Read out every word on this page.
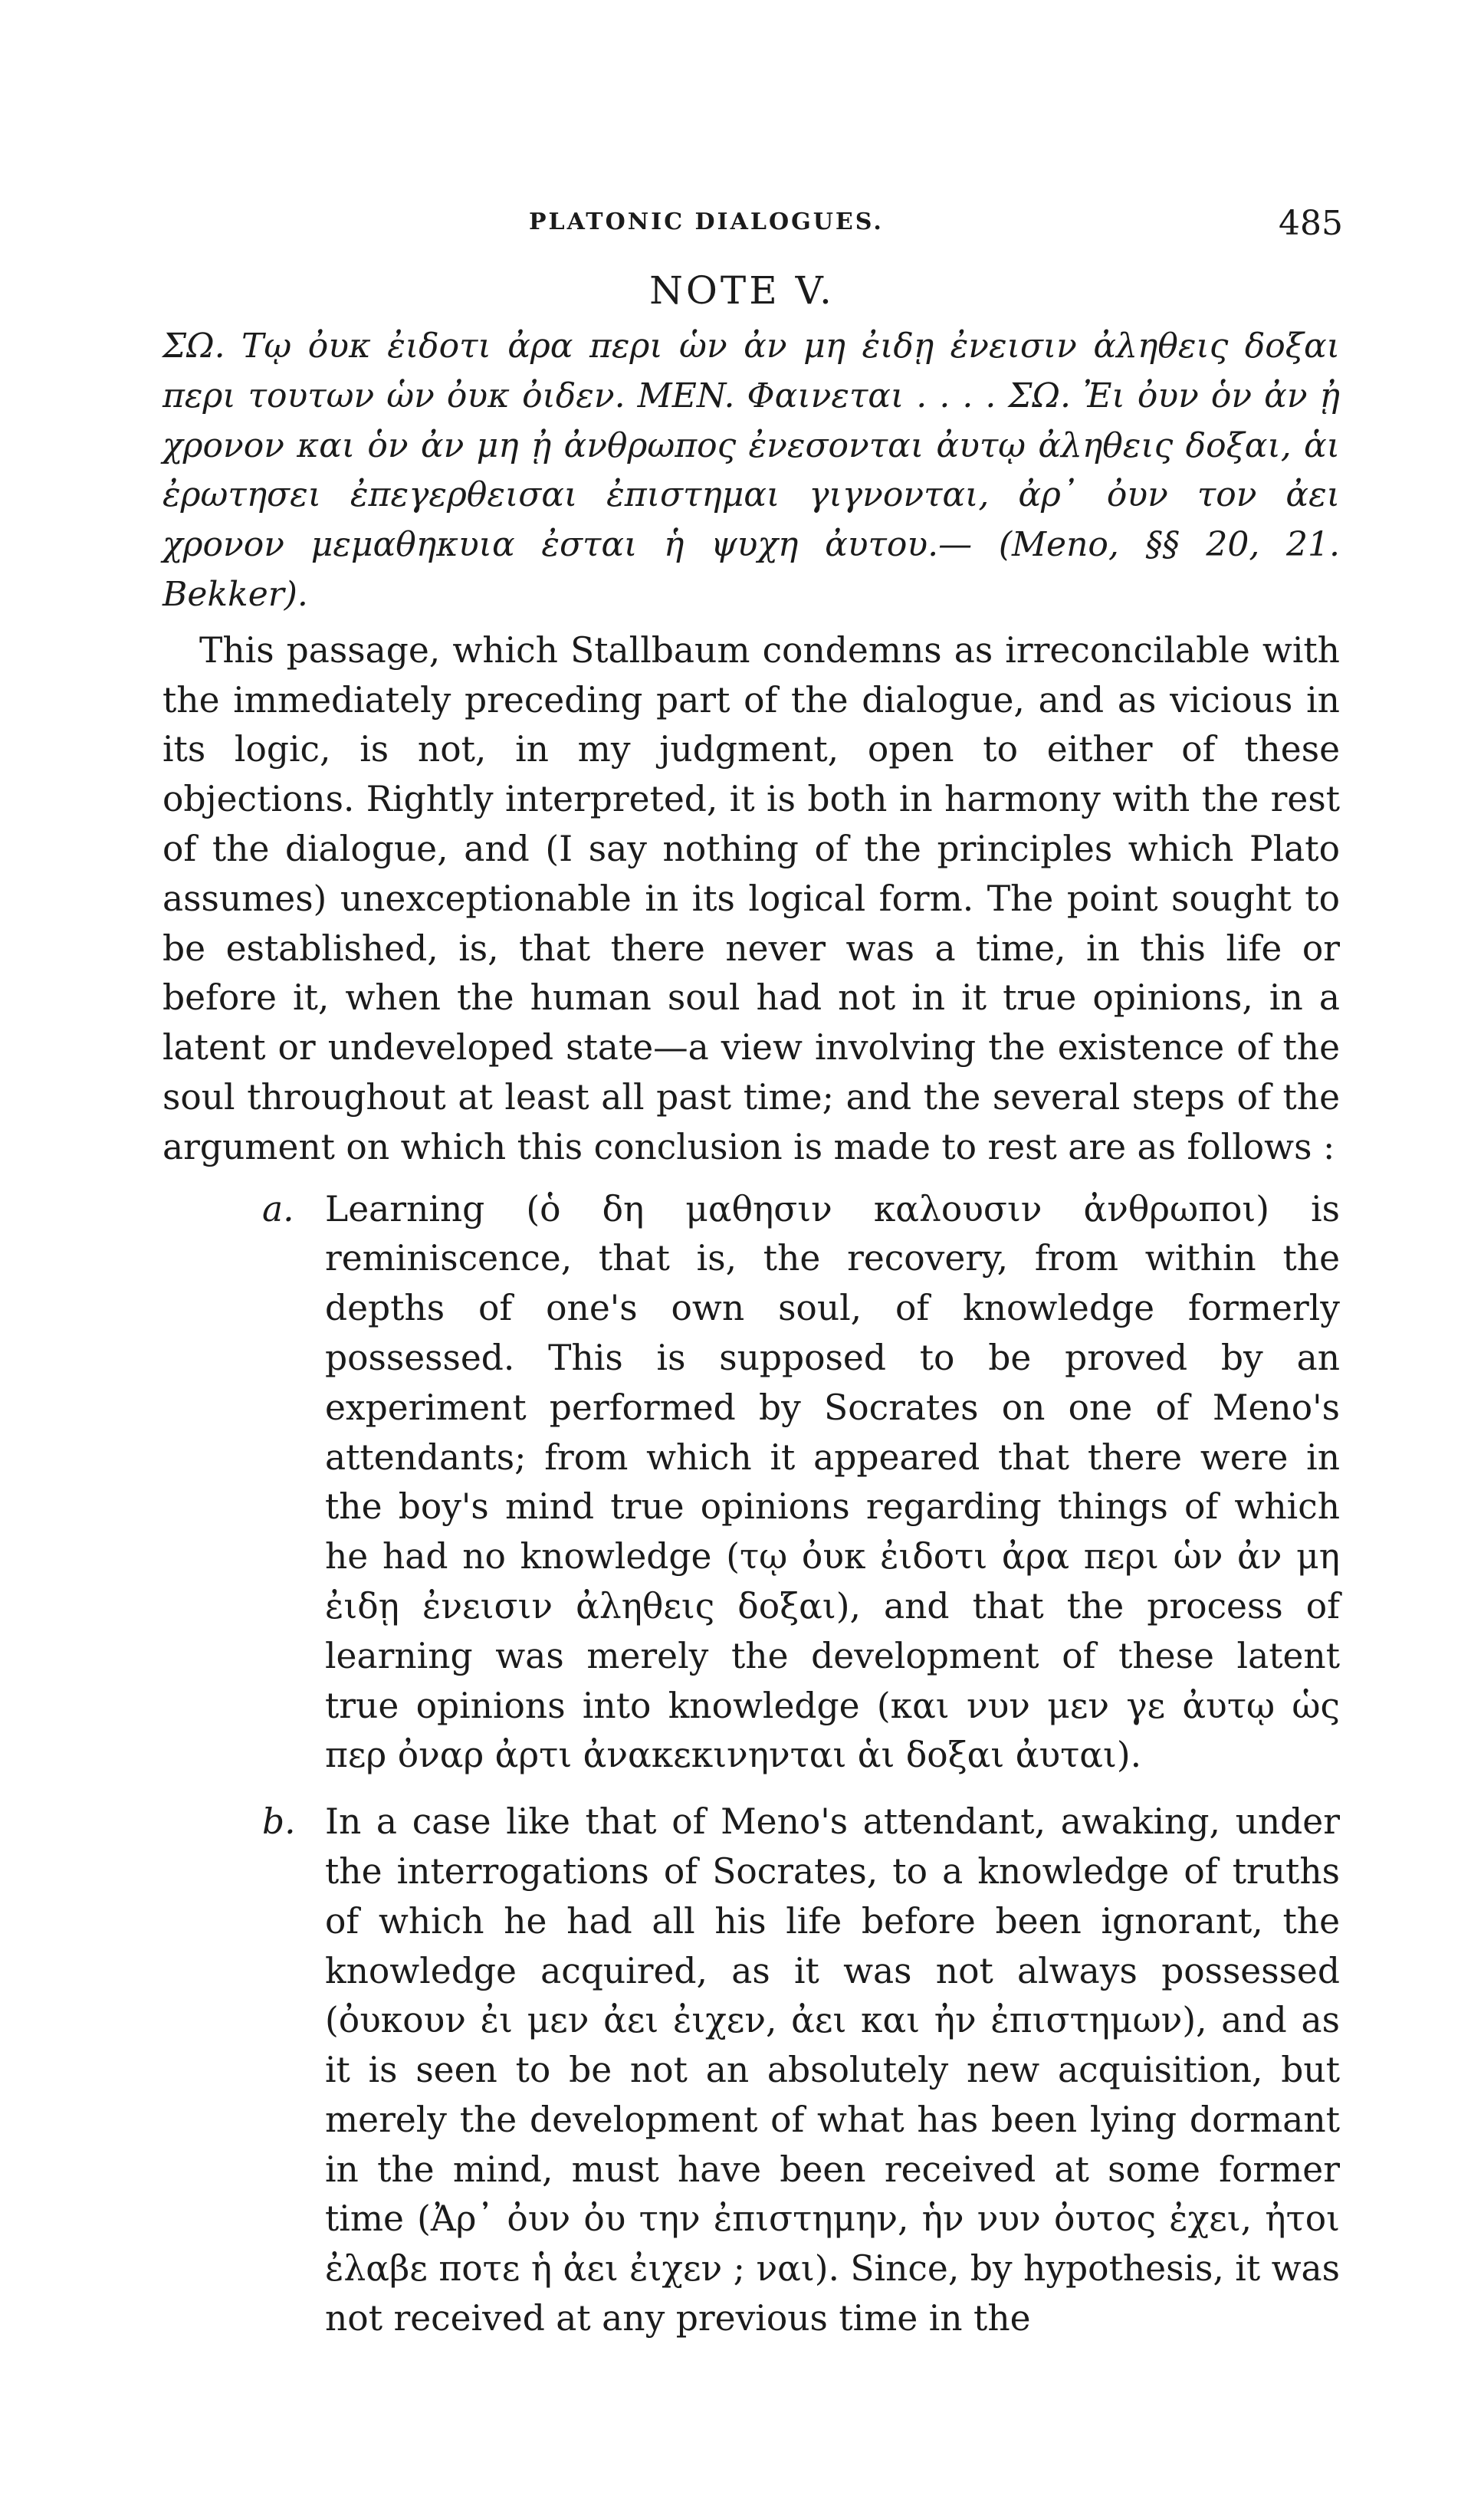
PLATONIC DIALOGUES.	485
NOTE V.

ΣΩ. Τῳ ὀυκ ἐιδοτι ἀρα περι ὡν ἀν μη ἐιδῃ ἐνεισιν ἀληθεις δοξαι περι τουτων ὡν ὀυκ ὀιδεν. MEN. Φαινεται . . . . ΣΩ. Ἐι ὀυν ὁν ἀν ᾐ χρονον και ὁν ἀν μη ᾐ ἀνθρωπος ἐνεσονται ἀυτῳ ἀληθεις δοξαι, ἁι ἐρωτησει ἐπεγερθεισαι ἐπιστημαι γιγνονται, ἀρ᾽ ὀυν τον ἀει χρονον μεμαθηκυια ἐσται ἡ ψυχη ἀυτου.— (Meno, §§ 20, 21. Bekker).

This passage, which Stallbaum condemns as irreconcilable with the immediately preceding part of the dialogue, and as vicious in its logic, is not, in my judgment, open to either of these objections. Rightly interpreted, it is both in harmony with the rest of the dialogue, and (I say nothing of the principles which Plato assumes) unexceptionable in its logical form. The point sought to be established, is, that there never was a time, in this life or before it, when the human soul had not in it true opinions, in a latent or undeveloped state—a view involving the existence of the soul throughout at least all past time; and the several steps of the argument on which this conclusion is made to rest are as follows :

a. Learning (ὁ δη μαθησιν καλουσιν ἀνθρωποι) is reminiscence, that is, the recovery, from within the depths of one's own soul, of knowledge formerly possessed. This is supposed to be proved by an experiment performed by Socrates on one of Meno's attendants; from which it appeared that there were in the boy's mind true opinions regarding things of which he had no knowledge (τῳ ὀυκ ἐιδοτι ἀρα περι ὡν ἀν μη ἐιδῃ ἐνεισιν ἀληθεις δοξαι), and that the process of learning was merely the development of these latent true opinions into knowledge (και νυν μεν γε ἀυτῳ ὡς περ ὀναρ ἀρτι ἀνακεκινηνται ἁι δοξαι ἀυται).
b. In a case like that of Meno's attendant, awaking, under the interrogations of Socrates, to a knowledge of truths of which he had all his life before been ignorant, the knowledge acquired, as it was not always possessed (ὀυκουν ἐι μεν ἀει ἐιχεν, ἀει και ἠν ἐπιστημων), and as it is seen to be not an absolutely new acquisition, but merely the development of what has been lying dormant in the mind, must have been received at some former time (Ἀρ᾽ ὀυν ὀυ την ἐπιστημην, ἡν νυν ὀυτος ἐχει, ἠτοι ἐλαβε ποτε ἡ ἀει ἐιχεν ; ναι). Since, by hypothesis, it was not received at any previous time in the
